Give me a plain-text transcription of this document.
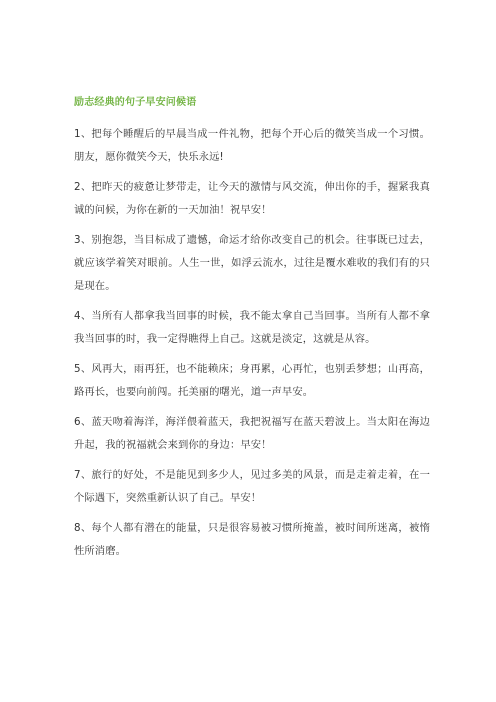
励志经典的句子早安问候语

1、把每个睡醒后的早晨当成一件礼物，把每个开心后的微笑当成一个习惯。朋友，愿你微笑今天，快乐永远!

2、把昨天的疲惫让梦带走，让今天的激情与风交流，伸出你的手，握紧我真诚的问候，为你在新的一天加油！祝早安！

3、别抱怨，当目标成了遗憾，命运才给你改变自己的机会。往事既已过去，就应该学着笑对眼前。人生一世，如浮云流水，过往是覆水难收的我们有的只是现在。

4、当所有人都拿我当回事的时候，我不能太拿自己当回事。当所有人都不拿我当回事的时，我一定得瞧得上自己。这就是淡定，这就是从容。

5、风再大，雨再狂，也不能赖床；身再累，心再忙，也别丢梦想；山再高，路再长，也要向前闯。托美丽的曙光，道一声早安。

6、蓝天吻着海洋，海洋偎着蓝天，我把祝福写在蓝天碧波上。当太阳在海边升起，我的祝福就会来到你的身边：早安！

7、旅行的好处，不是能见到多少人，见过多美的风景，而是走着走着，在一个际遇下，突然重新认识了自己。早安！

8、每个人都有潜在的能量，只是很容易被习惯所掩盖，被时间所迷离，被惰性所消磨。
